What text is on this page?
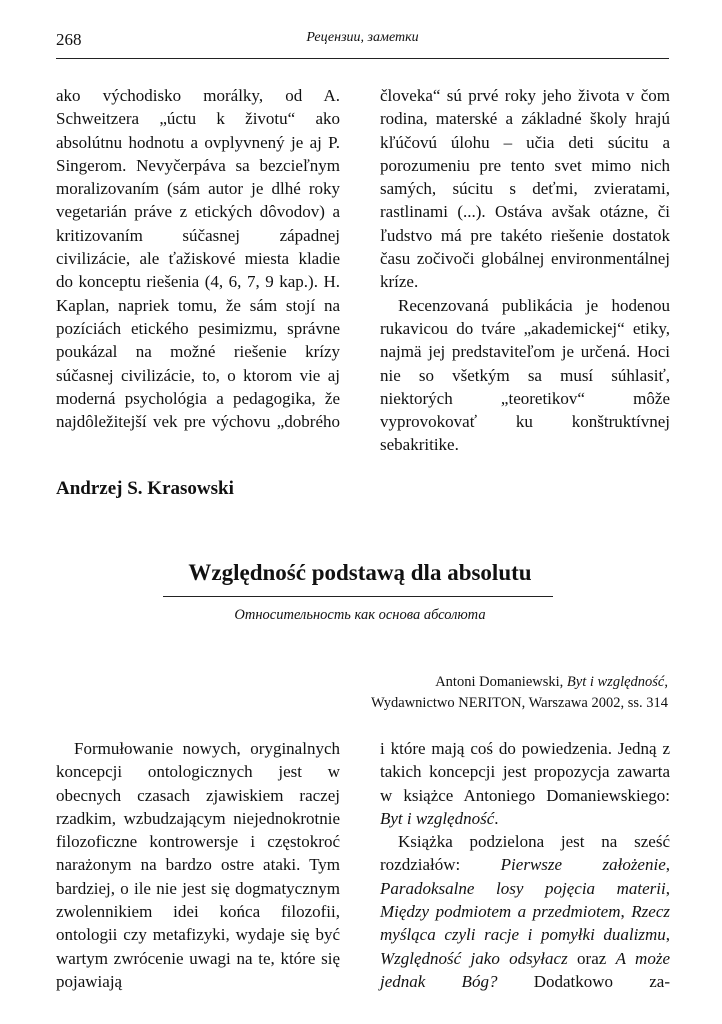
268	Рецензии, заметки

ako východisko morálky, od A. Schweitzera „úctu k životu“ ako absolútnu hodnotu a ovplyvnený je aj P. Singerom. Nevyčerpáva sa bezcieľnym moralizovaním (sám autor je dlhé roky vegetarián práve z etických dôvodov) a kritizovaním súčasnej západnej civilizácie, ale ťažiskové miesta kladie do konceptu riešenia (4, 6, 7, 9 kap.). H. Kaplan, napriek tomu, že sám stojí na pozíciách etického pesimizmu, správne poukázal na možné riešenie krízy súčasnej civilizácie, to, o ktorom vie aj moderná psychológia a pedagogika, že najdôležitejší vek pre výchovu „dobrého

človeka“ sú prvé roky jeho života v čom rodina, materské a základné školy hrajú kľúčovú úlohu – učia deti súcitu a porozumeniu pre tento svet mimo nich samých, súcitu s deťmi, zvieratami, rastlinami (...). Ostáva avšak otázne, či ľudstvo má pre takéto riešenie dostatok času zočivoči globálnej environmentálnej kríze.

Recenzovaná publikácia je hodenou rukavicou do tváre „akademickej“ etiky, najmä jej predstaviteľom je určená. Hoci nie so všetkým sa musí súhlasiť, niektorých „teoretikov“ môže vyprovokovať ku konštruktívnej sebakritike.

Andrzej S. Krasowski
Względność podstawą dla absolutu
Относительность как основа абсолюта
Antoni Domaniewski, Byt i względność,
Wydawnictwo NERITON, Warszawa 2002, ss. 314

Formułowanie nowych, oryginalnych koncepcji ontologicznych jest w obecnych czasach zjawiskiem raczej rzadkim, wzbudzającym niejednokrotnie filozoficzne kontrowersje i częstokroć narażonym na bardzo ostre ataki. Tym bardziej, o ile nie jest się dogmatycznym zwolennikiem idei końca filozofii, ontologii czy metafizyki, wydaje się być wartym zwrócenie uwagi na te, które się pojawiają

i które mają coś do powiedzenia. Jedną z takich koncepcji jest propozycja zawarta w książce Antoniego Domaniewskiego: Byt i względność.

Książka podzielona jest na sześć rozdziałów: Pierwsze założenie, Paradoksalne losy pojęcia materii, Między podmiotem a przedmiotem, Rzecz myśląca czyli racje i pomyłki dualizmu, Względność jako odsyłacz oraz A może jednak Bóg? Dodatkowo za-
